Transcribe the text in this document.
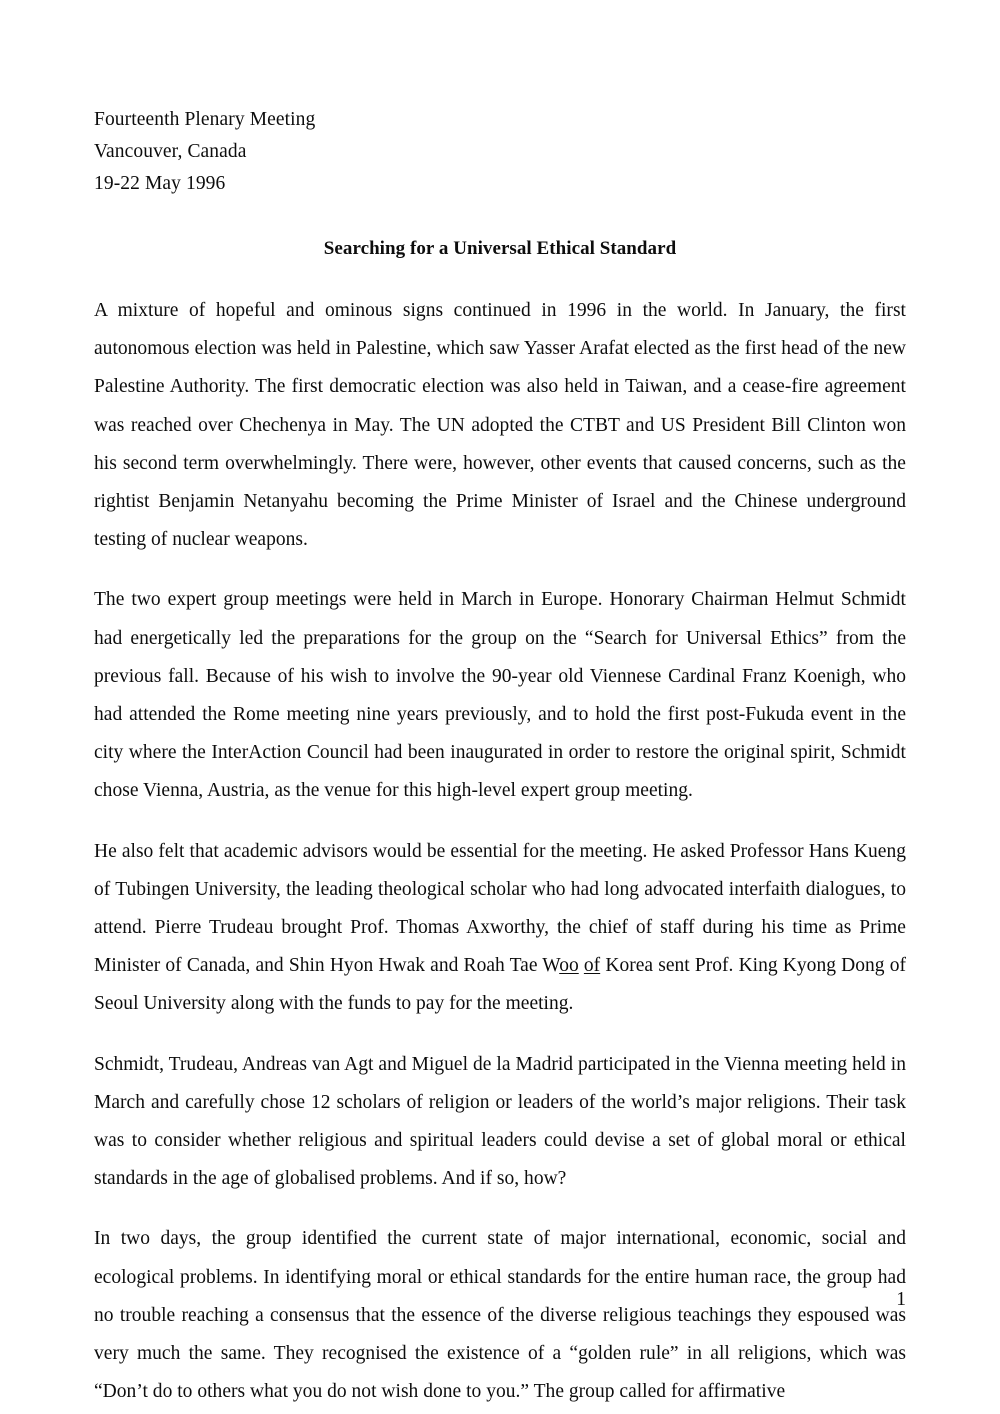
Fourteenth Plenary Meeting
Vancouver, Canada
19-22 May 1996
Searching for a Universal Ethical Standard

A mixture of hopeful and ominous signs continued in 1996 in the world. In January, the first autonomous election was held in Palestine, which saw Yasser Arafat elected as the first head of the new Palestine Authority. The first democratic election was also held in Taiwan, and a cease-fire agreement was reached over Chechenya in May. The UN adopted the CTBT and US President Bill Clinton won his second term overwhelmingly. There were, however, other events that caused concerns, such as the rightist Benjamin Netanyahu becoming the Prime Minister of Israel and the Chinese underground testing of nuclear weapons.

The two expert group meetings were held in March in Europe. Honorary Chairman Helmut Schmidt had energetically led the preparations for the group on the “Search for Universal Ethics” from the previous fall. Because of his wish to involve the 90-year old Viennese Cardinal Franz Koenigh, who had attended the Rome meeting nine years previously, and to hold the first post-Fukuda event in the city where the InterAction Council had been inaugurated in order to restore the original spirit, Schmidt chose Vienna, Austria, as the venue for this high-level expert group meeting.

He also felt that academic advisors would be essential for the meeting. He asked Professor Hans Kueng of Tubingen University, the leading theological scholar who had long advocated interfaith dialogues, to attend. Pierre Trudeau brought Prof. Thomas Axworthy, the chief of staff during his time as Prime Minister of Canada, and Shin Hyon Hwak and Roah Tae Woo of Korea sent Prof. King Kyong Dong of Seoul University along with the funds to pay for the meeting.

Schmidt, Trudeau, Andreas van Agt and Miguel de la Madrid participated in the Vienna meeting held in March and carefully chose 12 scholars of religion or leaders of the world’s major religions. Their task was to consider whether religious and spiritual leaders could devise a set of global moral or ethical standards in the age of globalised problems. And if so, how?

In two days, the group identified the current state of major international, economic, social and ecological problems. In identifying moral or ethical standards for the entire human race, the group had no trouble reaching a consensus that the essence of the diverse religious teachings they espoused was very much the same. They recognised the existence of a “golden rule” in all religions, which was “Don’t do to others what you do not wish done to you.” The group called for affirmative

1
